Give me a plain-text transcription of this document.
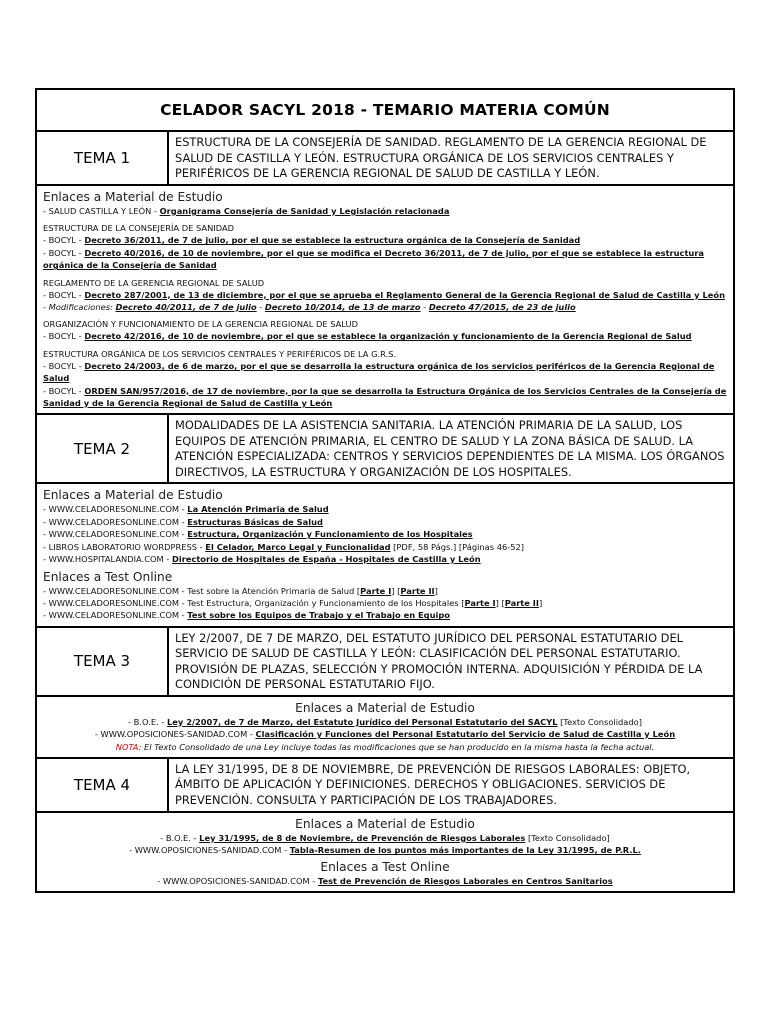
CELADOR SACYL 2018 - TEMARIO MATERIA COMÚN
TEMA 1
ESTRUCTURA DE LA CONSEJERÍA DE SANIDAD. REGLAMENTO DE LA GERENCIA REGIONAL DE SALUD DE CASTILLA Y LEÓN. ESTRUCTURA ORGÁNICA DE LOS SERVICIOS CENTRALES Y PERIFÉRICOS DE LA GERENCIA REGIONAL DE SALUD DE CASTILLA Y LEÓN.
Enlaces a Material de Estudio
- SALUD CASTILLA Y LEÓN - Organigrama Consejería de Sanidad y Legislación relacionada
ESTRUCTURA DE LA CONSEJERÍA DE SANIDAD
- BOCYL - Decreto 36/2011, de 7 de julio, por el que se establece la estructura orgánica de la Consejería de Sanidad
- BOCYL - Decreto 40/2016, de 10 de noviembre, por el que se modifica el Decreto 36/2011, de 7 de julio, por el que se establece la estructura orgánica de la Consejería de Sanidad
REGLAMENTO DE LA GERENCIA REGIONAL DE SALUD
- BOCYL - Decreto 287/2001, de 13 de diciembre, por el que se aprueba el Reglamento General de la Gerencia Regional de Salud de Castilla y León - Modificaciones: Decreto 40/2011, de 7 de julio - Decreto 10/2014, de 13 de marzo - Decreto 47/2015, de 23 de julio
ORGANIZACIÓN Y FUNCIONAMIENTO DE LA GERENCIA REGIONAL DE SALUD
- BOCYL - Decreto 42/2016, de 10 de noviembre, por el que se establece la organización y funcionamiento de la Gerencia Regional de Salud
ESTRUCTURA ORGÁNICA DE LOS SERVICIOS CENTRALES Y PERIFÉRICOS DE LA G.R.S.
- BOCYL - Decreto 24/2003, de 6 de marzo, por el que se desarrolla la estructura orgánica de los servicios periféricos de la Gerencia Regional de Salud
- BOCYL - ORDEN SAN/957/2016, de 17 de noviembre, por la que se desarrolla la Estructura Orgánica de los Servicios Centrales de la Consejería de Sanidad y de la Gerencia Regional de Salud de Castilla y León
TEMA 2
MODALIDADES DE LA ASISTENCIA SANITARIA. LA ATENCIÓN PRIMARIA DE LA SALUD, LOS EQUIPOS DE ATENCIÓN PRIMARIA, EL CENTRO DE SALUD Y LA ZONA BÁSICA DE SALUD. LA ATENCIÓN ESPECIALIZADA: CENTROS Y SERVICIOS DEPENDIENTES DE LA MISMA. LOS ÓRGANOS DIRECTIVOS, LA ESTRUCTURA Y ORGANIZACIÓN DE LOS HOSPITALES.
Enlaces a Material de Estudio
- WWW.CELADORESONLINE.COM - La Atención Primaria de Salud
- WWW.CELADORESONLINE.COM - Estructuras Básicas de Salud
- WWW.CELADORESONLINE.COM - Estructura, Organización y Funcionamiento de los Hospitales
- LIBROS LABORATORIO WORDPRESS - El Celador, Marco Legal y Funcionalidad [PDF, 58 Págs.] [Páginas 46-52]
- WWW.HOSPITALANDIA.COM - Directorio de Hospitales de España - Hospitales de Castilla y León
Enlaces a Test Online
- WWW.CELADORESONLINE.COM - Test sobre la Atención Primaria de Salud [Parte I] [Parte II]
- WWW.CELADORESONLINE.COM - Test Estructura, Organización y Funcionamiento de los Hospitales [Parte I] [Parte II]
- WWW.CELADORESONLINE.COM - Test sobre los Equipos de Trabajo y el Trabajo en Equipo
TEMA 3
LEY 2/2007, DE 7 DE MARZO, DEL ESTATUTO JURÍDICO DEL PERSONAL ESTATUTARIO DEL SERVICIO DE SALUD DE CASTILLA Y LEÓN: CLASIFICACIÓN DEL PERSONAL ESTATUTARIO. PROVISIÓN DE PLAZAS, SELECCIÓN Y PROMOCIÓN INTERNA. ADQUISICIÓN Y PÉRDIDA DE LA CONDICIÓN DE PERSONAL ESTATUTARIO FIJO.
Enlaces a Material de Estudio
- B.O.E. - Ley 2/2007, de 7 de Marzo, del Estatuto Jurídico del Personal Estatutario del SACYL [Texto Consolidado]
- WWW.OPOSICIONES-SANIDAD.COM - Clasificación y Funciones del Personal Estatutario del Servicio de Salud de Castilla y León
NOTA: El Texto Consolidado de una Ley incluye todas las modificaciones que se han producido en la misma hasta la fecha actual.
TEMA 4
LA LEY 31/1995, DE 8 DE NOVIEMBRE, DE PREVENCIÓN DE RIESGOS LABORALES: OBJETO, ÁMBITO DE APLICACIÓN Y DEFINICIONES. DERECHOS Y OBLIGACIONES. SERVICIOS DE PREVENCIÓN. CONSULTA Y PARTICIPACIÓN DE LOS TRABAJADORES.
Enlaces a Material de Estudio
- B.O.E. - Ley 31/1995, de 8 de Noviembre, de Prevención de Riesgos Laborales [Texto Consolidado]
- WWW.OPOSICIONES-SANIDAD.COM - Tabla-Resumen de los puntos más importantes de la Ley 31/1995, de P.R.L.
Enlaces a Test Online
- WWW.OPOSICIONES-SANIDAD.COM - Test de Prevención de Riesgos Laborales en Centros Sanitarios
